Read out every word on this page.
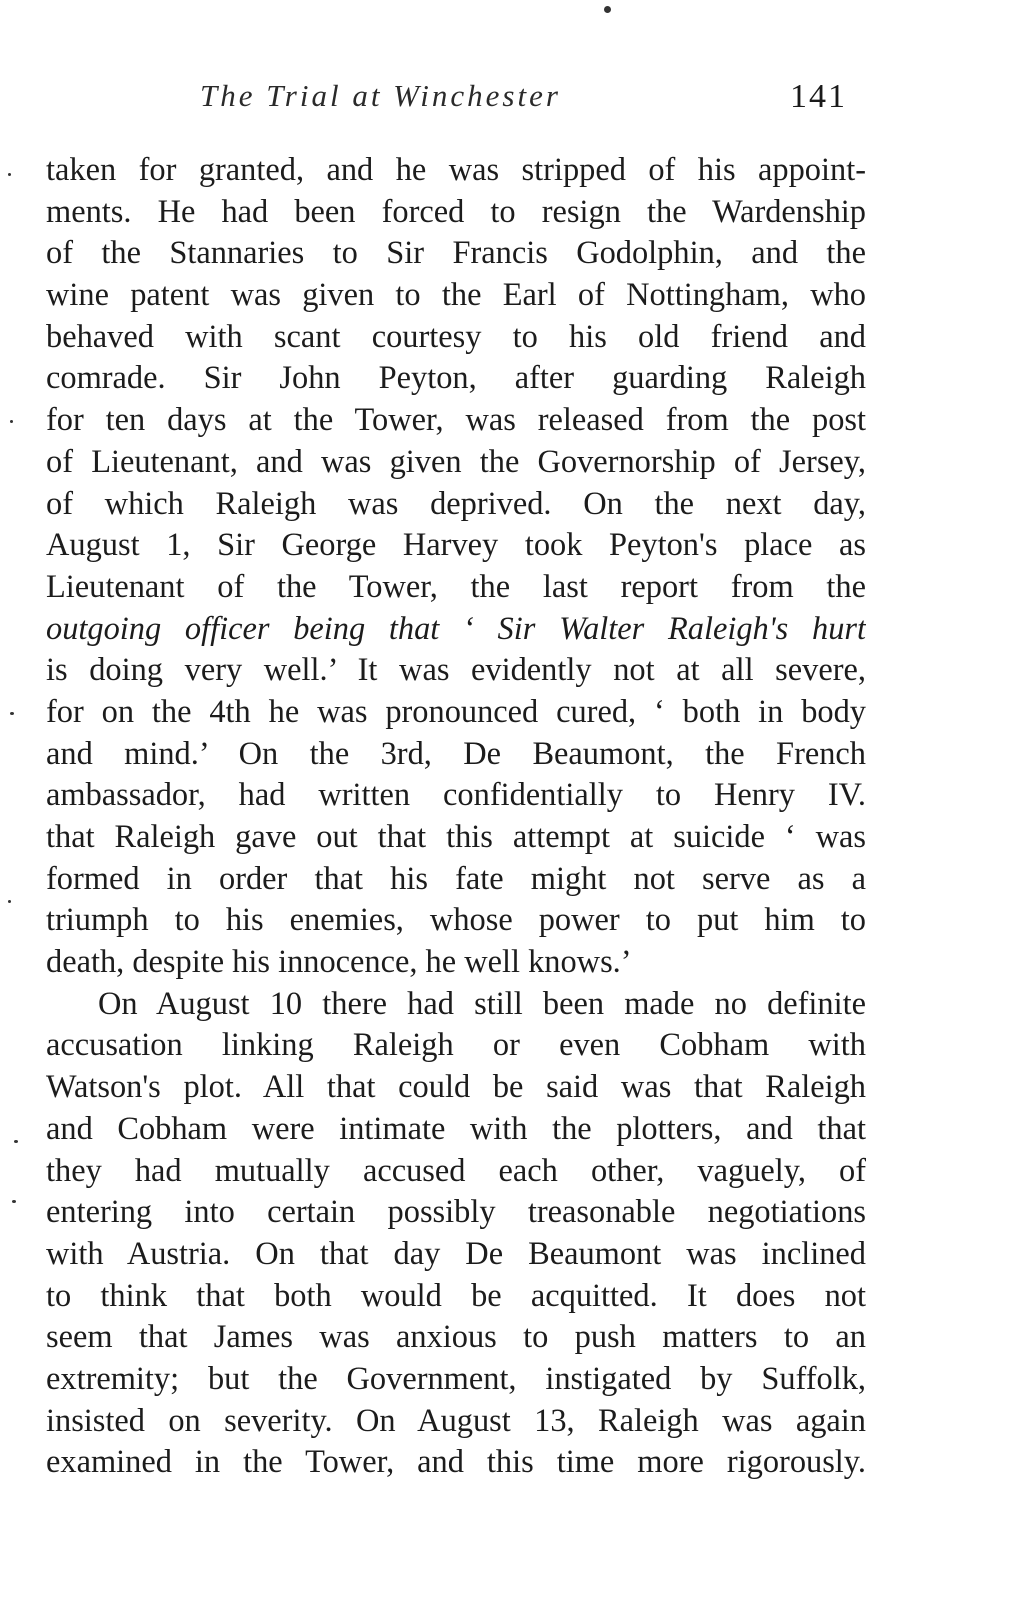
The Trial at Winchester	141
taken for granted, and he was stripped of his appoint-
ments. He had been forced to resign the Wardenship
of the Stannaries to Sir Francis Godolphin, and the
wine patent was given to the Earl of Nottingham, who
behaved with scant courtesy to his old friend and
comrade. Sir John Peyton, after guarding Raleigh
for ten days at the Tower, was released from the post
of Lieutenant, and was given the Governorship of Jersey,
of which Raleigh was deprived. On the next day,
August 1, Sir George Harvey took Peyton's place as
Lieutenant of the Tower, the last report from the
outgoing officer being that ‘ Sir Walter Raleigh's hurt
is doing very well.’ It was evidently not at all severe,
for on the 4th he was pronounced cured, ‘ both in body
and mind.’ On the 3rd, De Beaumont, the French
ambassador, had written confidentially to Henry IV.
that Raleigh gave out that this attempt at suicide ‘ was
formed in order that his fate might not serve as a
triumph to his enemies, whose power to put him to
death, despite his innocence, he well knows.’
On August 10 there had still been made no definite
accusation linking Raleigh or even Cobham with
Watson's plot. All that could be said was that Raleigh
and Cobham were intimate with the plotters, and that
they had mutually accused each other, vaguely, of
entering into certain possibly treasonable negotiations
with Austria. On that day De Beaumont was inclined
to think that both would be acquitted. It does not
seem that James was anxious to push matters to an
extremity; but the Government, instigated by Suffolk,
insisted on severity. On August 13, Raleigh was again
examined in the Tower, and this time more rigorously.
